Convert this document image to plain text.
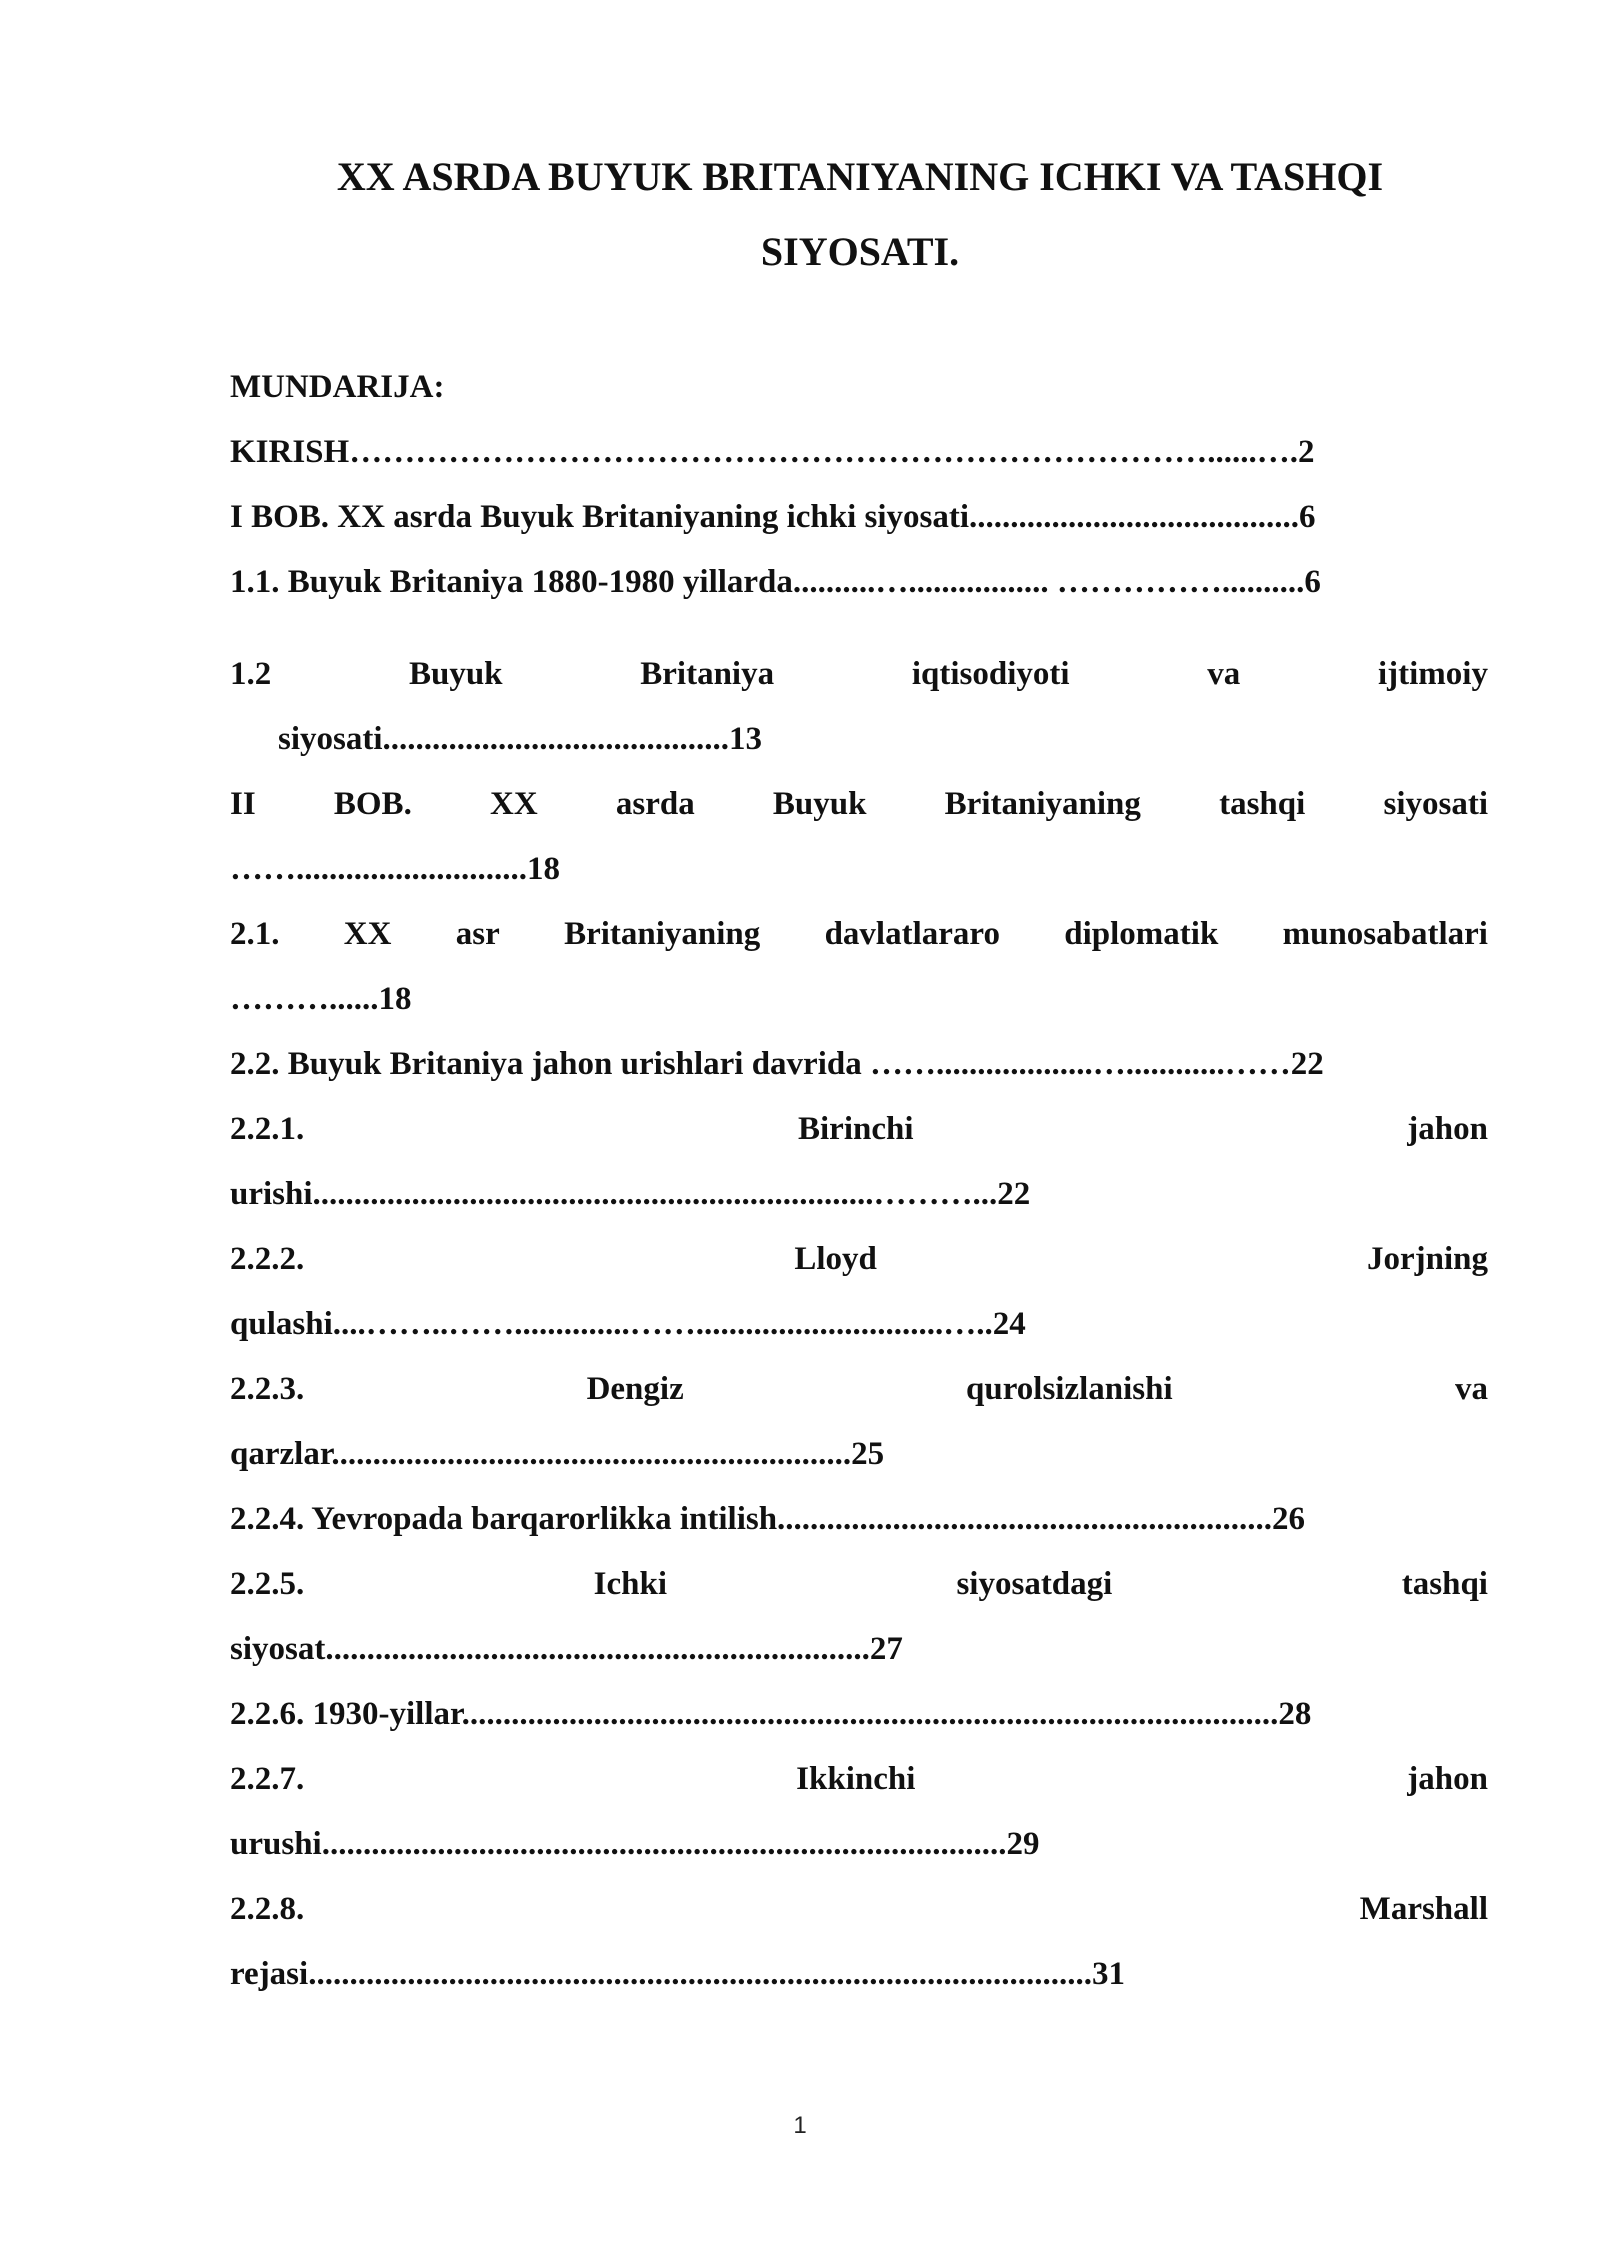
XX ASRDA BUYUK BRITANIYANING ICHKI VA TASHQI
SIYOSATI.
MUNDARIJA:
KIRISH……………………………………………………………………......….2
I BOB. XX asrda Buyuk Britaniyaning ichki siyosati........................................6
1.1. Buyuk Britaniya 1880-1980 yillarda..........…................. ……………..........6
1.2	Buyuk	Britaniya	iqtisodiyoti	va	ijtimoiy
siyosati..........................................13
II BOB. XX asrda Buyuk Britaniyaning tashqi siyosati
……............................18
2.1. XX asr Britaniyaning davlatlararo diplomatik munosabatlari
………......18
2.2. Buyuk Britaniya jahon urishlari davrida ……...................…............……22
2.2.1.	Birinchi	jahon
urishi....................................................................………...22
2.2.2.	Lloyd	Jorjning
qulashi....……..……..............……..............................…..24
2.2.3.	Dengiz	qurolsizlanishi	va
qarzlar...............................................................25
2.2.4. Yevropada barqarorlikka intilish............................................................26
2.2.5.	Ichki	siyosatdagi	tashqi
siyosat..................................................................27
2.2.6. 1930-yillar...................................................................................................28
2.2.7.	Ikkinchi	jahon
urushi...................................................................................29
2.2.8.	Marshall
rejasi...............................................................................................31
1
